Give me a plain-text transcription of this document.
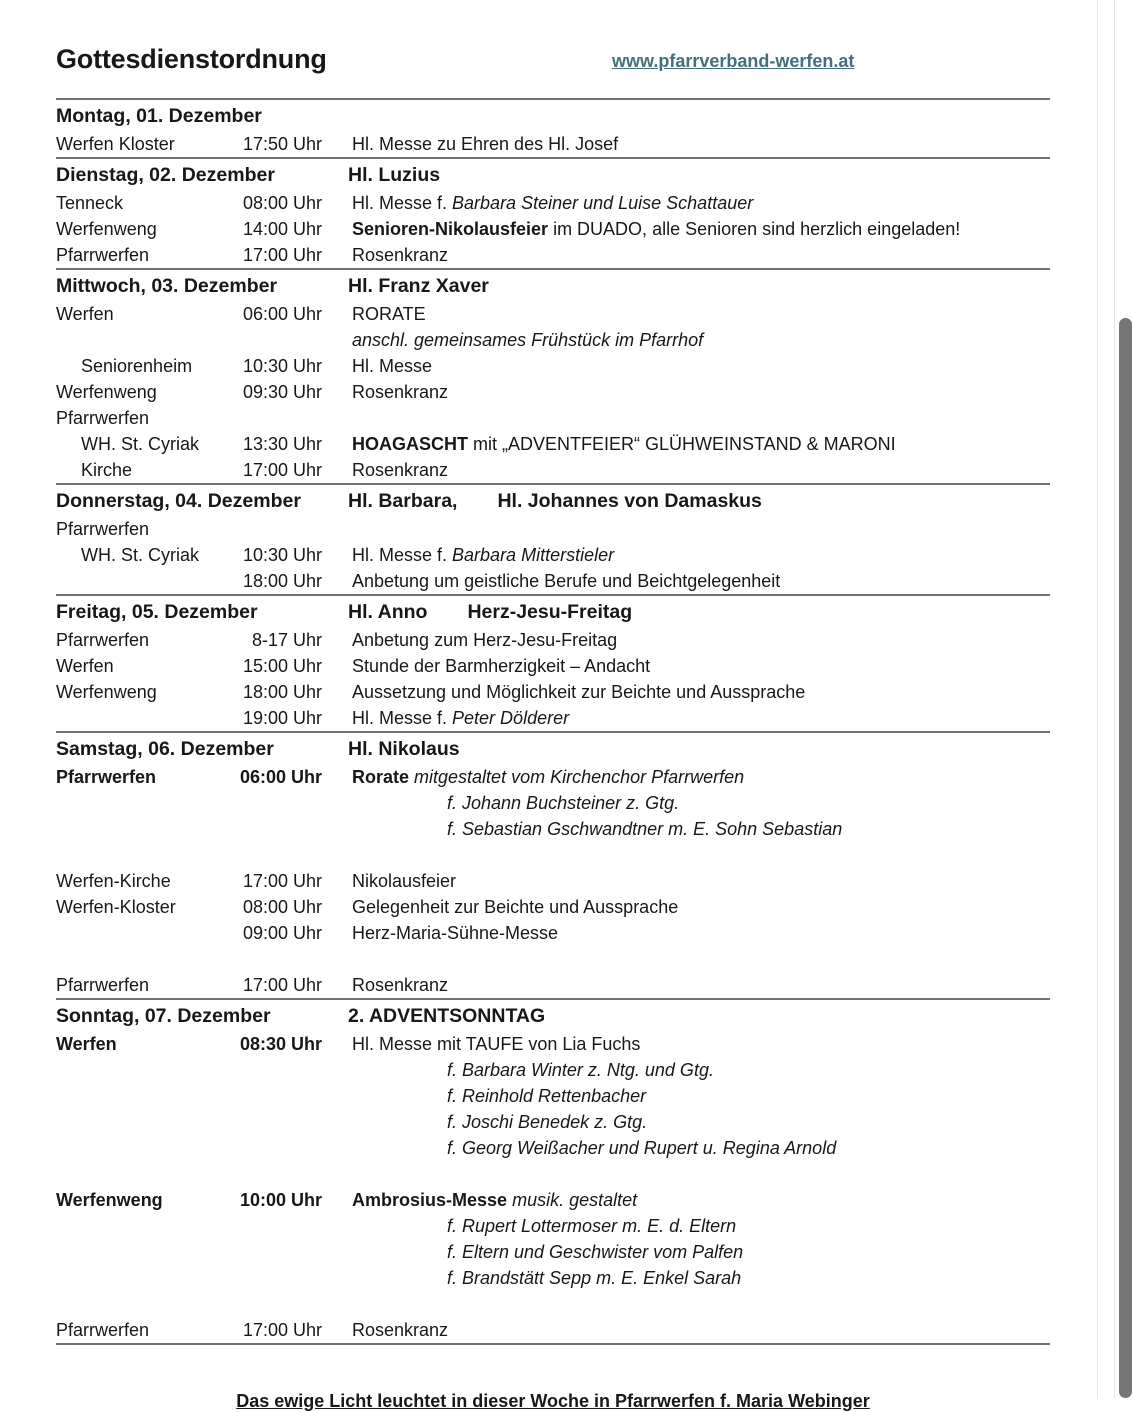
Gottesdienstordnung	www.pfarrverband-werfen.at
Montag, 01. Dezember
Werfen Kloster	17:50 Uhr	Hl. Messe zu Ehren des Hl. Josef
Dienstag, 02. Dezember	Hl. Luzius
Tenneck	08:00 Uhr	Hl. Messe f. Barbara Steiner und Luise Schattauer
Werfenweng	14:00 Uhr	Senioren-Nikolausfeier im DUADO, alle Senioren sind herzlich eingeladen!
Pfarrwerfen	17:00 Uhr	Rosenkranz
Mittwoch, 03. Dezember	Hl. Franz Xaver
Werfen	06:00 Uhr	RORATE
anschl. gemeinsames Frühstück im Pfarrhof
Seniorenheim	10:30 Uhr	Hl. Messe
Werfenweng	09:30 Uhr	Rosenkranz
Pfarrwerfen
WH. St. Cyriak	13:30 Uhr	HOAGASCHT mit „ADVENTFEIER“ GLÜHWEINSTAND & MARONI
Kirche	17:00 Uhr	Rosenkranz
Donnerstag, 04. Dezember	Hl. Barbara,	Hl. Johannes von Damaskus
Pfarrwerfen
WH. St. Cyriak	10:30 Uhr	Hl. Messe f. Barbara Mitterstieler
18:00 Uhr	Anbetung um geistliche Berufe und Beichtgelegenheit
Freitag, 05. Dezember	Hl. Anno	Herz-Jesu-Freitag
Pfarrwerfen	8-17 Uhr	Anbetung zum Herz-Jesu-Freitag
Werfen	15:00 Uhr	Stunde der Barmherzigkeit – Andacht
Werfenweng	18:00 Uhr	Aussetzung und Möglichkeit zur Beichte und Aussprache
19:00 Uhr	Hl. Messe f. Peter Dölderer
Samstag, 06. Dezember	Hl. Nikolaus
Pfarrwerfen	06:00 Uhr	Rorate mitgestaltet vom Kirchenchor Pfarrwerfen
f. Johann Buchsteiner z. Gtg.
f. Sebastian Gschwandtner m. E. Sohn Sebastian
Werfen-Kirche	17:00 Uhr	Nikolausfeier
Werfen-Kloster	08:00 Uhr	Gelegenheit zur Beichte und Aussprache
09:00 Uhr	Herz-Maria-Sühne-Messe
Pfarrwerfen	17:00 Uhr	Rosenkranz
Sonntag, 07. Dezember	2. ADVENTSONNTAG
Werfen	08:30 Uhr	Hl. Messe mit TAUFE von Lia Fuchs
f. Barbara Winter z. Ntg. und Gtg.
f. Reinhold Rettenbacher
f. Joschi Benedek z. Gtg.
f. Georg Weißacher und Rupert u. Regina Arnold
Werfenweng	10:00 Uhr	Ambrosius-Messe musik. gestaltet
f. Rupert Lottermoser m. E. d. Eltern
f. Eltern und Geschwister vom Palfen
f. Brandstätt Sepp m. E. Enkel Sarah
Pfarrwerfen	17:00 Uhr	Rosenkranz
Das ewige Licht leuchtet in dieser Woche in Pfarrwerfen f. Maria Webinger
